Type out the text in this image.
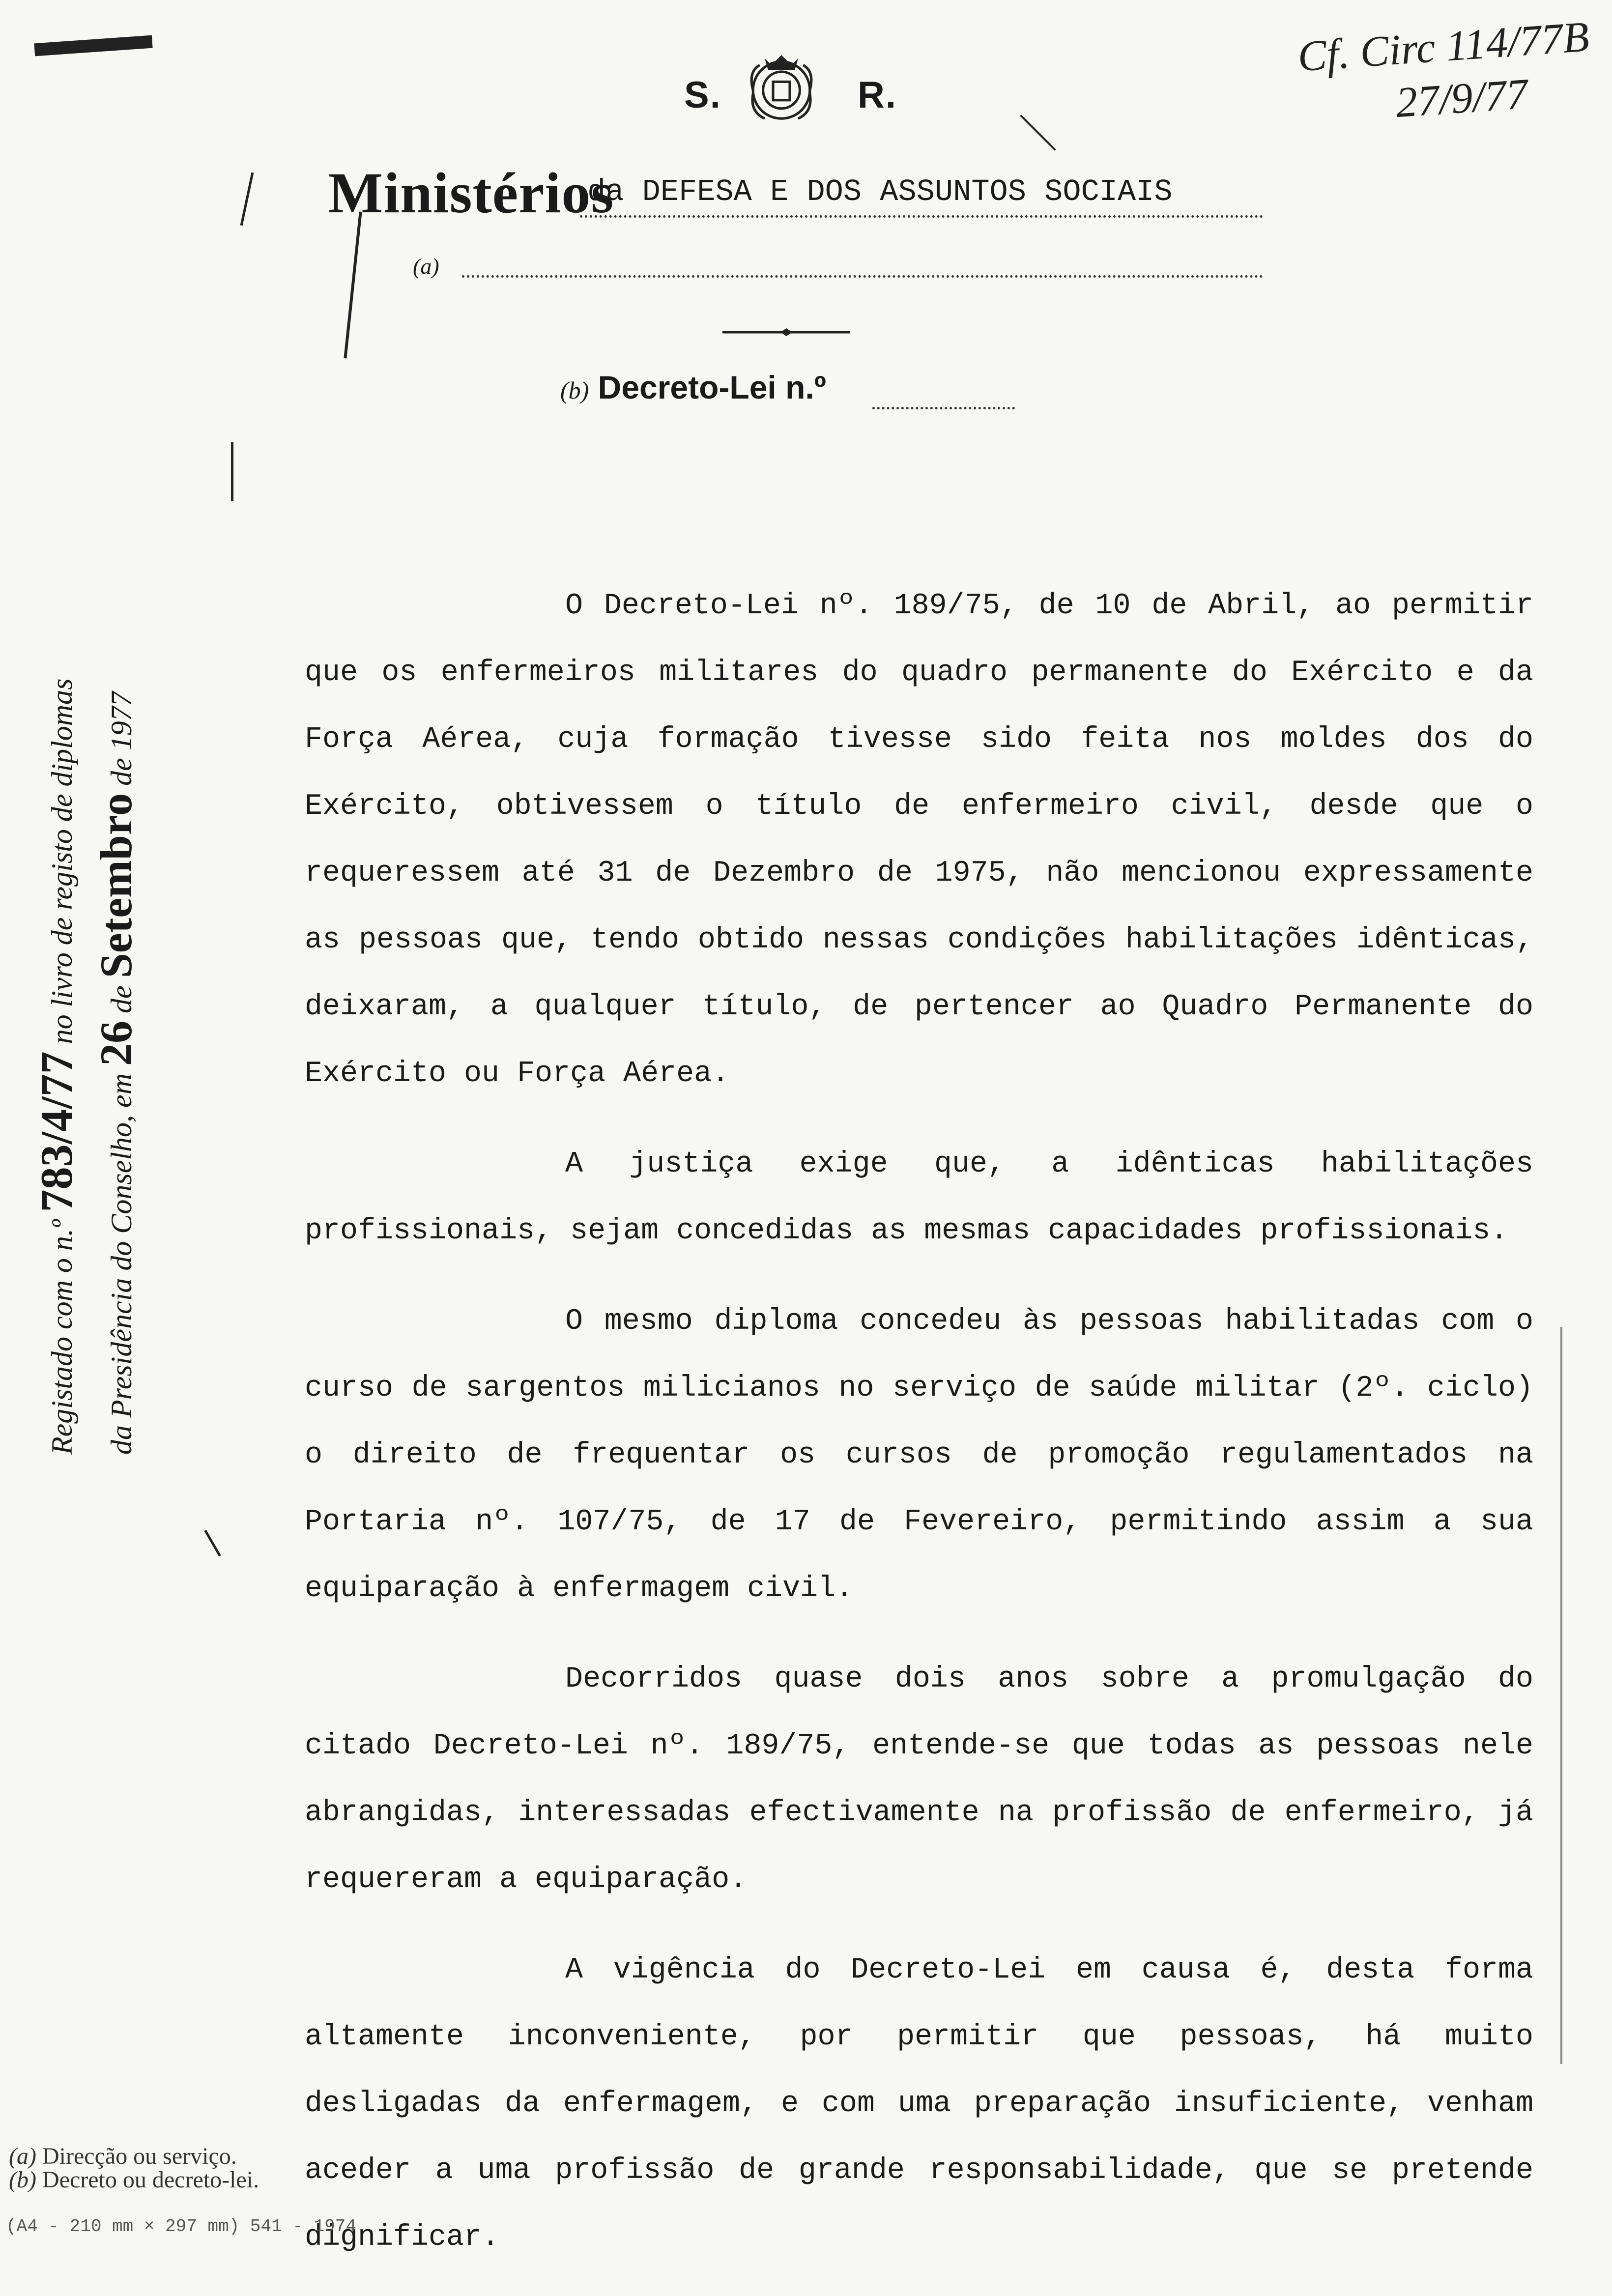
S.	R.
Ministérios
da DEFESA E DOS ASSUNTOS SOCIAIS
(a)
(b) Decreto-Lei n.º
Cf. Circ 114/77B
27/9/77
Registado com o n.º 783/4/77 no livro de registo de diplomas
da Presidência do Conselho, em 26 de Setembro de 1977

O Decreto-Lei nº. 189/75, de 10 de Abril, ao permitir que os enfermeiros militares do quadro permanente do Exército e da Força Aérea, cuja formação tivesse sido feita nos moldes dos do Exército, obtivessem o título de enfermeiro civil, desde que o requeressem até 31 de Dezembro de 1975, não mencionou expressamente as pessoas que, tendo obtido nessas condições habilitações idênticas, deixaram, a qualquer título, de pertencer ao Quadro Permanente do Exército ou Força Aérea.

A justiça exige que, a idênticas habilitações profissionais, sejam concedidas as mesmas capacidades profissionais.

O mesmo diploma concedeu às pessoas habilitadas com o curso de sargentos milicianos no serviço de saúde militar (2º. ciclo) o direito de frequentar os cursos de promoção regulamentados na Portaria nº. 107/75, de 17 de Fevereiro, permitindo assim a sua equiparação à enfermagem civil.

Decorridos quase dois anos sobre a promulgação do citado Decreto-Lei nº. 189/75, entende-se que todas as pessoas nele abrangidas, interessadas efectivamente na profissão de enfermeiro, já requereram a equiparação.

A vigência do Decreto-Lei em causa é, desta forma altamente inconveniente, por permitir que pessoas, há muito desligadas da enfermagem, e com uma preparação insuficiente, venham aceder a uma profissão de grande responsabilidade, que se pretende dignificar.

(a) Direcção ou serviço.
(b) Decreto ou decreto-lei.
(A4 - 210 mm × 297 mm) 541 - 1974
